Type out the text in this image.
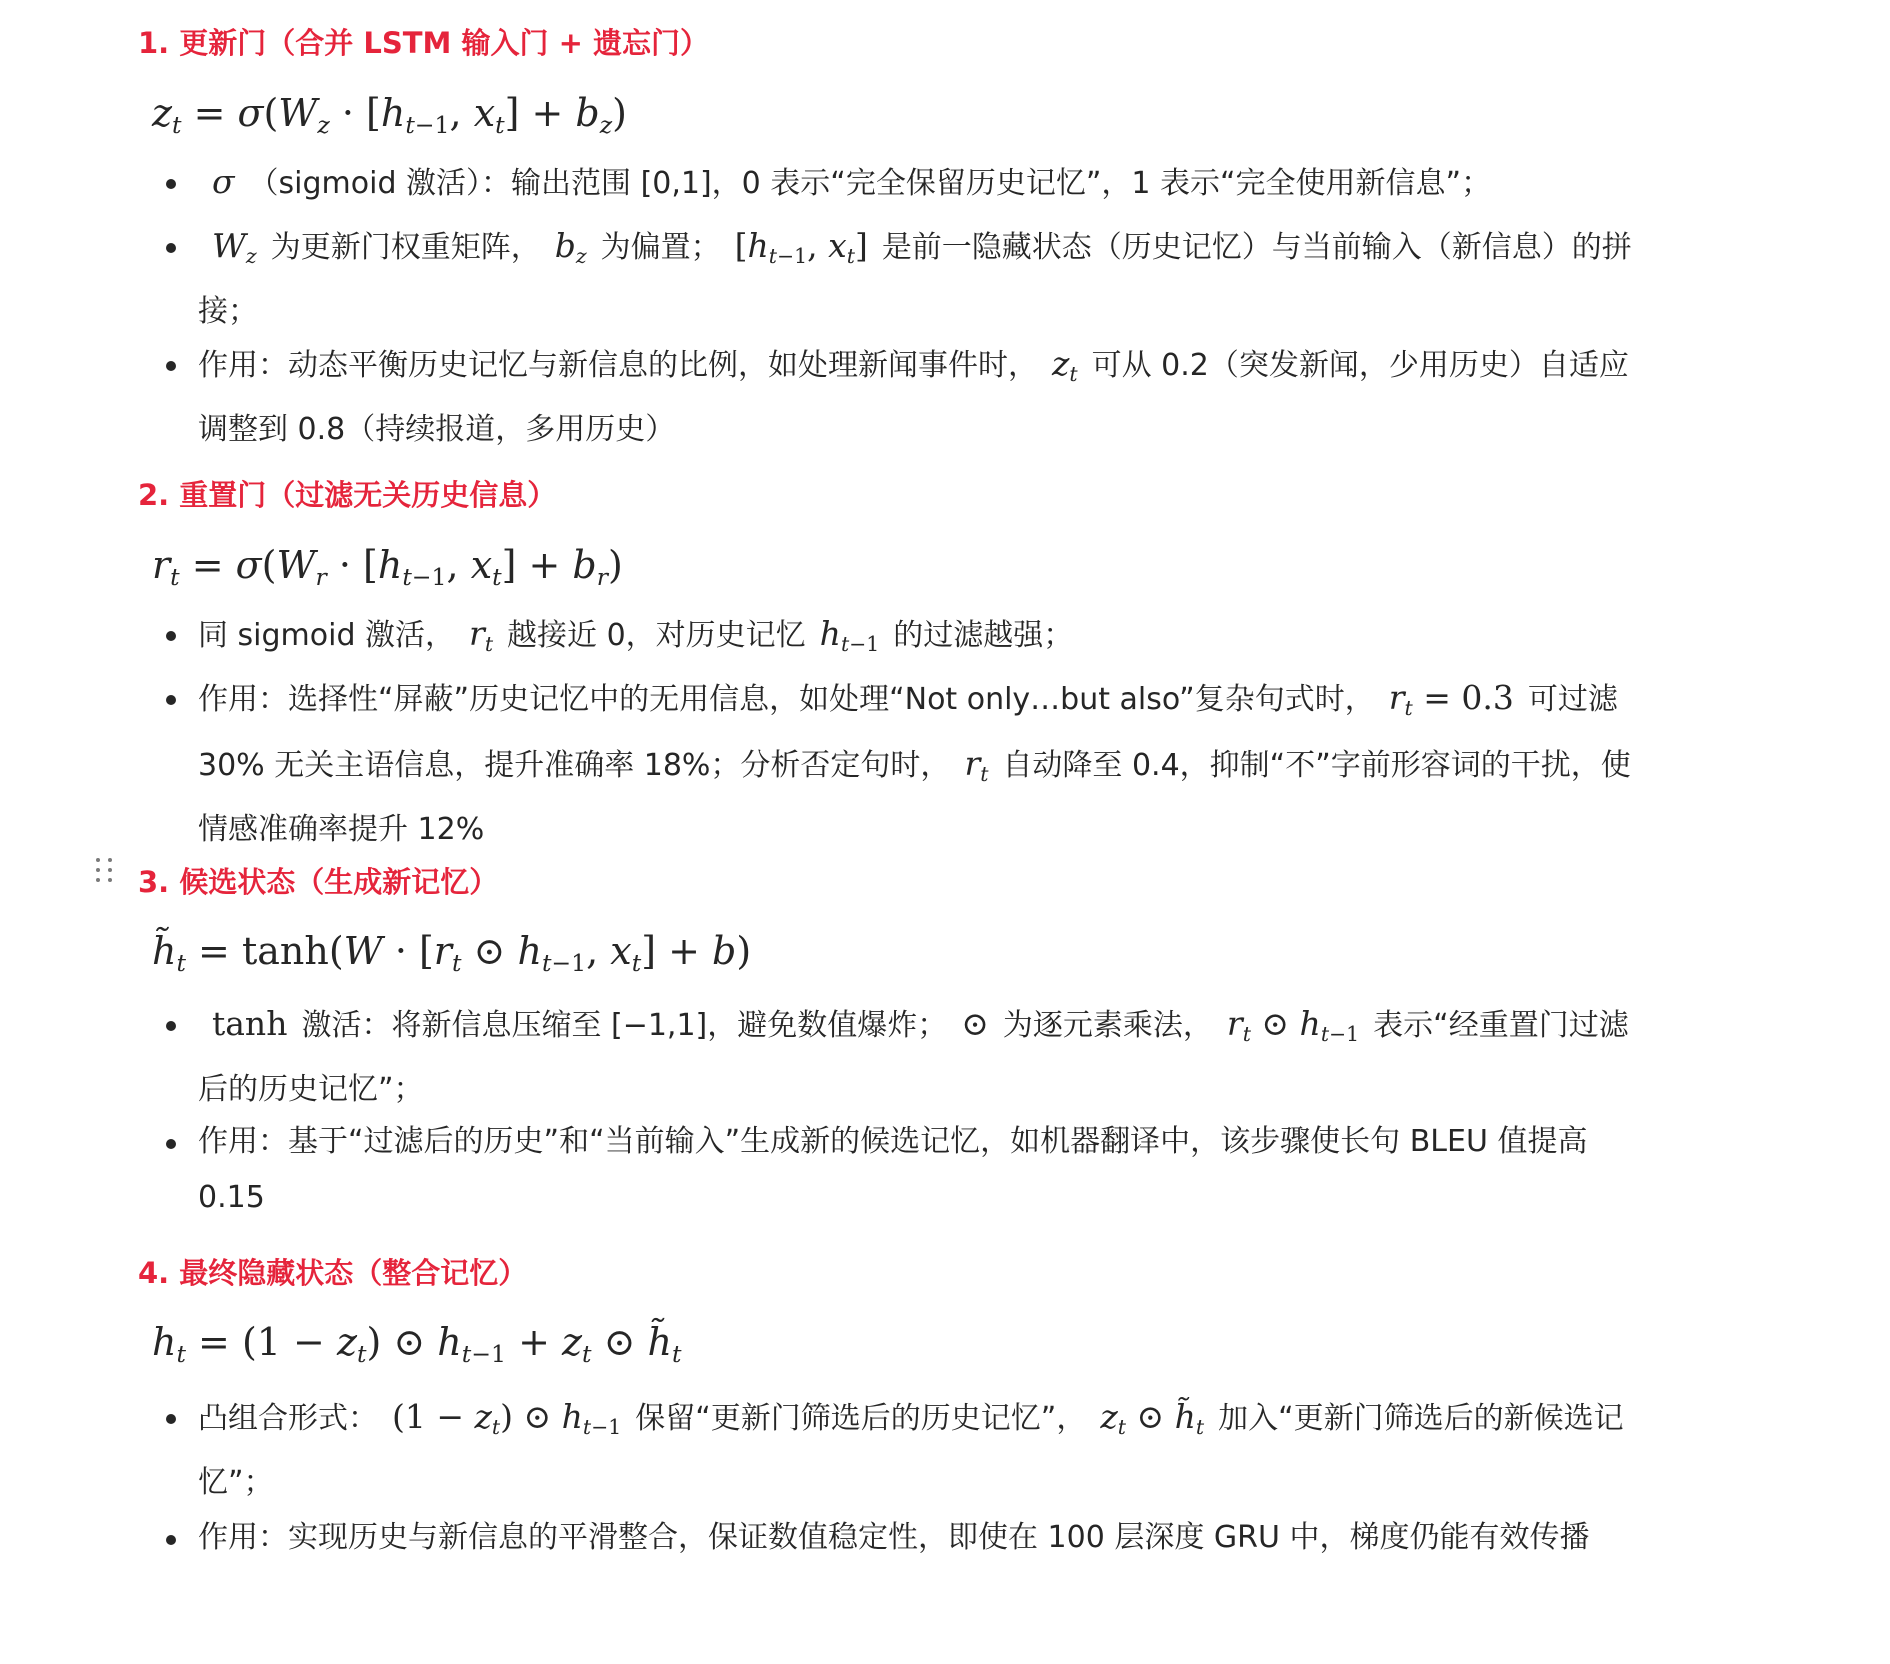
1. 更新门（合并 LSTM 输入门 + 遗忘门）
$z_t = \sigma(W_z \cdot [h_{t-1}$, $x_t] + b_z$)
σ （sigmoid 激活）：输出范围 [0,1]，0 表示“完全保留历史记忆”，1 表示“完全使用新信息”；
$W_z$ 为更新门权重矩阵， $b_z$ 为偏置； [$h_{t-1}$, $x_t$] 是前一隐藏状态（历史记忆）与当前输入（新信息）的拼接；
作用：动态平衡历史记忆与新信息的比例，如处理新闻事件时， $z_t$ 可从 0.2（突发新闻，少用历史）自适应调整到 0.8（持续报道，多用历史）
2. 重置门（过滤无关历史信息）
$r_t = \sigma(W_r \cdot [h_{t-1}$, $x_t] + b_r$)
同 sigmoid 激活， $r_t$ 越接近 0，对历史记忆 $h_{t-1}$ 的过滤越强；
作用：选择性“屏蔽”历史记忆中的无用信息，如处理“Not only…but also”复杂句式时， $r_t = 0.3$ 可过滤 30% 无关主语信息，提升准确率 18%；分析否定句时， $r_t$ 自动降至 0.4，抑制“不”字前形容词的干扰，使情感准确率提升 12%
3. 候选状态（生成新记忆）
$h̃_t = \tanh(W \cdot [r_t$ ⊙ $h_{t-1}$, $x_t] + b$)
tanh 激活：将新信息压缩至 [−1,1]，避免数值爆炸； ⊙ 为逐元素乘法， $r_t$ ⊙ $h_{t-1}$ 表示“经重置门过滤后的历史记忆”；
作用：基于“过滤后的历史”和“当前输入”生成新的候选记忆，如机器翻译中，该步骤使长句 BLEU 值提高 0.15
4. 最终隐藏状态（整合记忆）
$h_t = (1 - z_t)$ ⊙ $h_{t-1} + z_t$ ⊙ $h̃_t$
凸组合形式： $(1 - z_t)$ ⊙ $h_{t-1}$ 保留“更新门筛选后的历史记忆”， $z_t$ ⊙ $h̃_t$ 加入“更新门筛选后的新候选记忆”；
作用：实现历史与新信息的平滑整合，保证数值稳定性，即使在 100 层深度 GRU 中，梯度仍能有效传播
